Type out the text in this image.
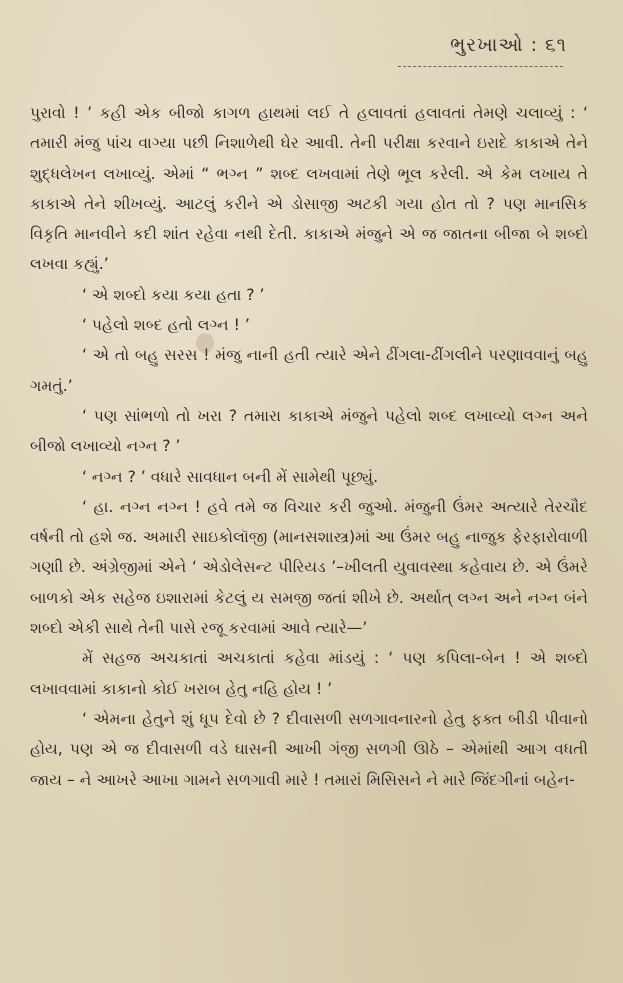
ભુરખાઓ : ૬૧

પુરાવો ! ’ કહી એક બીજો કાગળ હાથમાં લઈ તે હલાવતાં હલાવતાં તેમણે ચલાવ્યું : ‘ તમારી મંજુ પાંચ વાગ્યા પછી નિશાળેથી ઘેર આવી. તેની પરીક્ષા કરવાને ઇરાદે કાકાએ તેને શુદ્ધલેખન લખાવ્યું. એમાં “ ભગ્ન ” શબ્દ લખવામાં તેણે ભૂલ કરેલી. એ કેમ લખાય તે કાકાએ તેને શીખવ્યું. આટલું કરીને એ ડોસાજી અટકી ગયા હોત તો ? પણ માનસિક વિકૃતિ માનવીને કદી શાંત રહેવા નથી દેતી. કાકાએ મંજુને એ જ જાતના બીજા બે શબ્દો લખવા કહ્યું.’

‘ એ શબ્દો કયા કયા હતા ? ’

‘ પહેલો શબ્દ હતો લગ્ન ! ’

‘ એ તો બહુ સરસ ! મંજુ નાની હતી ત્યારે એને ઢીંગલા-ઢીંગલીને પરણાવવાનું બહુ ગમતું.’

‘ પણ સાંભળો તો ખરા ? તમારા કાકાએ મંજુને પહેલો શબ્દ લખાવ્યો લગ્ન અને બીજો લખાવ્યો નગ્ન ? ’

‘ નગ્ન ? ’ વધારે સાવધાન બની મેં સામેથી પૂછ્યું.

‘ હા. નગ્ન નગ્ન ! હવે તમે જ વિચાર કરી જુઓ. મંજુની ઉંમર અત્યારે તેરચૌદ વર્ષની તો હશે જ. અમારી સાઇકોલૉજી (માનસશાસ્ત્ર)માં આ ઉંમર બહુ નાજુક ફેરફારોવાળી ગણાી છે. અંગ્રેજીમાં એને ‘ એડોલેસન્ટ પીરિયડ ’–ખીલતી યુવાવસ્થા કહેવાય છે. એ ઉંમરે બાળકો એક સહેજ ઇશારામાં કેટલું ય સમજી જતાં શીખે છે. અર્થાત્ લગ્ન અને નગ્ન બંને શબ્દો એકી સાથે તેની પાસે રજૂ કરવામાં આવે ત્યારે—’

મેં સહજ અચકાતાં અચકાતાં કહેવા માંડયું : ‘ પણ કપિલા-બેન ! એ શબ્દો લખાવવામાં કાકાનો કોઈ ખરાબ હેતુ નહિ હોય ! ’

‘ એમના હેતુને શું ધૂપ દેવો છે ? દીવાસળી સળગાવનારનો હેતુ ફક્ત બીડી પીવાનો હોય, પણ એ જ દીવાસળી વડે ઘાસની આખી ગંજી સળગી ઊઠે – એમાંથી આગ વધતી જાય – ને આખરે આખા ગામને સળગાવી મારે ! તમારાં મિસિસને ને મારે જિંદગીનાં બહેન-
